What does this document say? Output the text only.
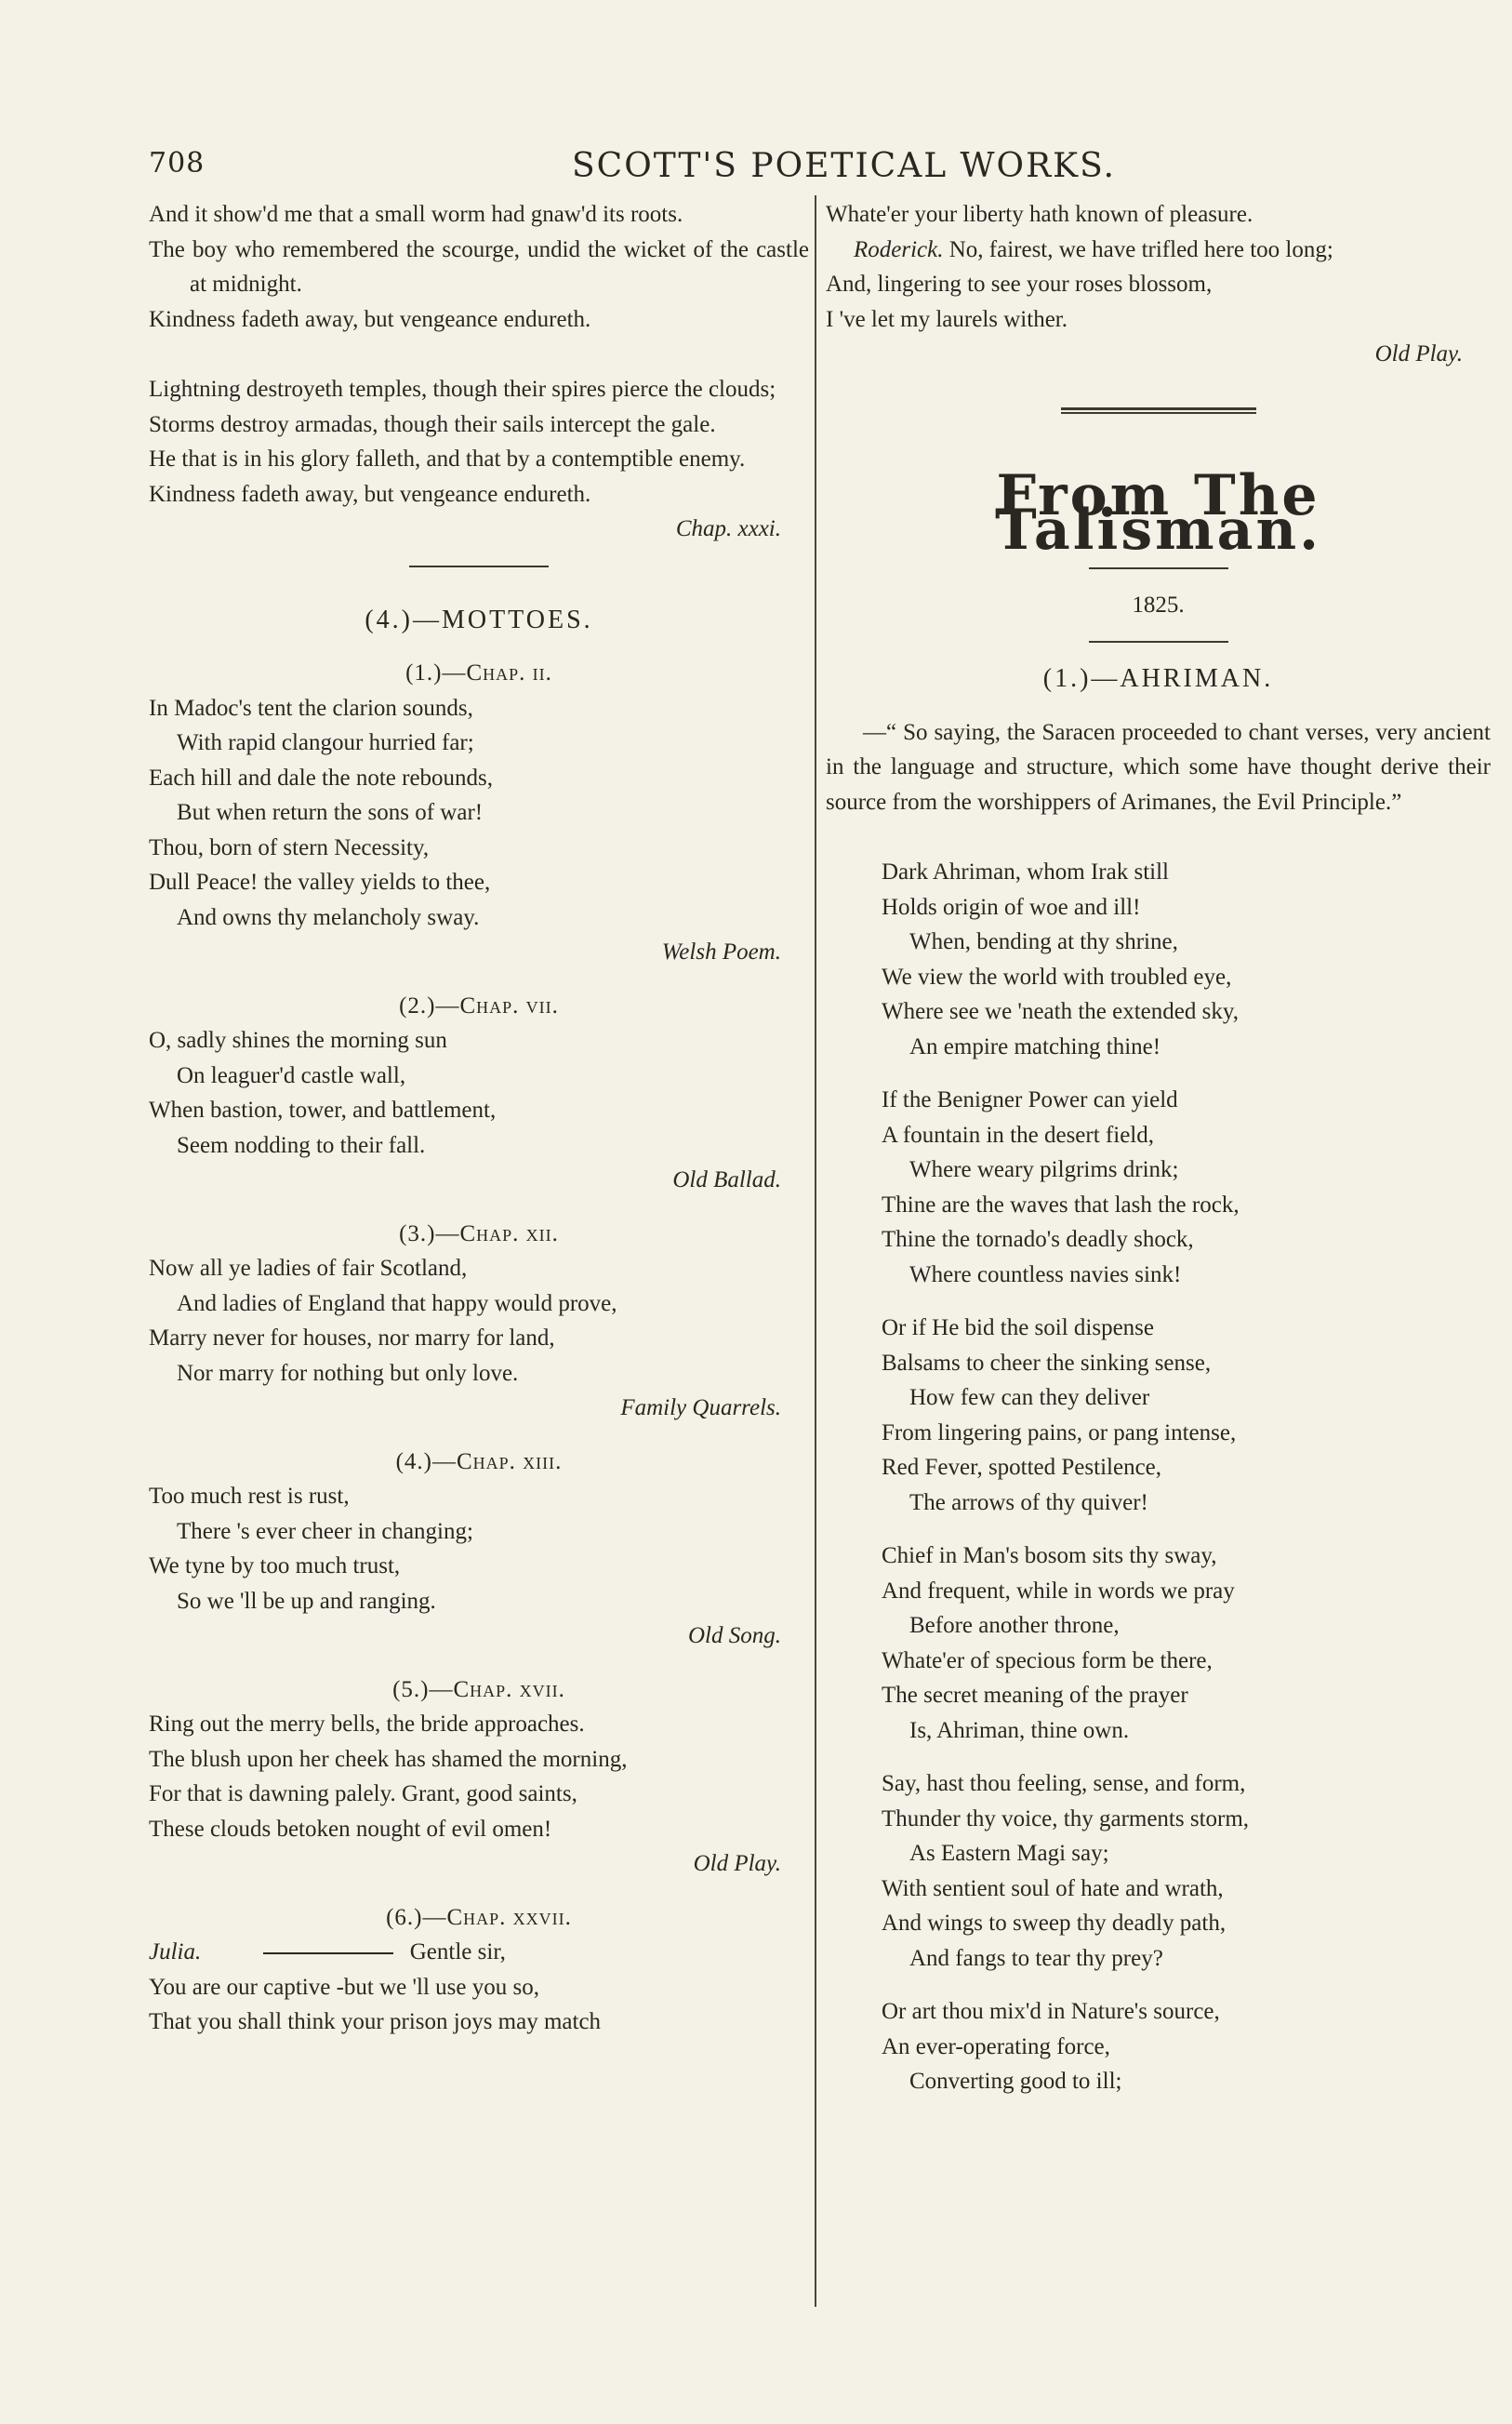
708	SCOTT'S POETICAL WORKS.
And it show'd me that a small worm had gnaw'd its roots.
The boy who remembered the scourge, undid the wicket of the castle at midnight.
Kindness fadeth away, but vengeance endureth.
Lightning destroyeth temples, though their spires pierce the clouds;
Storms destroy armadas, though their sails intercept the gale.
He that is in his glory falleth, and that by a contemptible enemy.
Kindness fadeth away, but vengeance endureth.
Chap. xxxi.
(4.)—MOTTOES.
(1.)—Chap. ii.
In Madoc's tent the clarion sounds,
With rapid clangour hurried far;
Each hill and dale the note rebounds,
But when return the sons of war!
Thou, born of stern Necessity,
Dull Peace! the valley yields to thee,
And owns thy melancholy sway.
Welsh Poem.
(2.)—Chap. vii.
O, sadly shines the morning sun
On leaguer'd castle wall,
When bastion, tower, and battlement,
Seem nodding to their fall.
Old Ballad.
(3.)—Chap. xii.
Now all ye ladies of fair Scotland,
And ladies of England that happy would prove,
Marry never for houses, nor marry for land,
Nor marry for nothing but only love.
Family Quarrels.
(4.)—Chap. xiii.
Too much rest is rust,
There 's ever cheer in changing;
We tyne by too much trust,
So we 'll be up and ranging.
Old Song.
(5.)—Chap. xvii.
Ring out the merry bells, the bride approaches.
The blush upon her cheek has shamed the morning,
For that is dawning palely. Grant, good saints,
These clouds betoken nought of evil omen!
Old Play.
(6.)—Chap. xxvii.
Julia.	Gentle sir,
You are our captive -but we 'll use you so,
That you shall think your prison joys may match
Whate'er your liberty hath known of pleasure.
Roderick. No, fairest, we have trifled here too long;
And, lingering to see your roses blossom,
I 've let my laurels wither.
Old Play.
From The Talisman.
1825.
(1.)—AHRIMAN.
—“ So saying, the Saracen proceeded to chant verses, very ancient in the language and structure, which some have thought derive their source from the worshippers of Arimanes, the Evil Principle.”
Dark Ahriman, whom Irak still
Holds origin of woe and ill!
When, bending at thy shrine,
We view the world with troubled eye,
Where see we 'neath the extended sky,
An empire matching thine!
If the Benigner Power can yield
A fountain in the desert field,
Where weary pilgrims drink;
Thine are the waves that lash the rock,
Thine the tornado's deadly shock,
Where countless navies sink!
Or if He bid the soil dispense
Balsams to cheer the sinking sense,
How few can they deliver
From lingering pains, or pang intense,
Red Fever, spotted Pestilence,
The arrows of thy quiver!
Chief in Man's bosom sits thy sway,
And frequent, while in words we pray
Before another throne,
Whate'er of specious form be there,
The secret meaning of the prayer
Is, Ahriman, thine own.
Say, hast thou feeling, sense, and form,
Thunder thy voice, thy garments storm,
As Eastern Magi say;
With sentient soul of hate and wrath,
And wings to sweep thy deadly path,
And fangs to tear thy prey?
Or art thou mix'd in Nature's source,
An ever-operating force,
Converting good to ill;
